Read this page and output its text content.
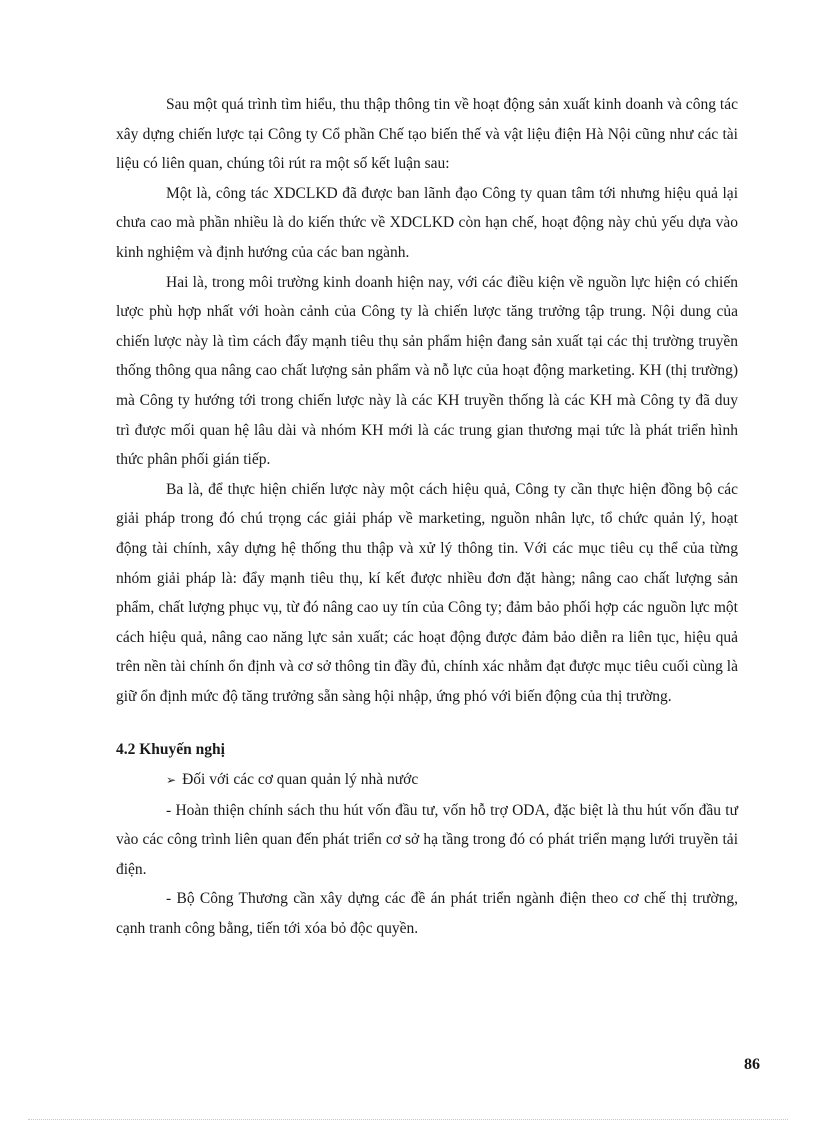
Sau một quá trình tìm hiểu, thu thập thông tin về hoạt động sản xuất kinh doanh và công tác xây dựng chiến lược tại Công ty Cổ phần Chế tạo biến thế và vật liệu điện Hà Nội cũng như các tài liệu có liên quan, chúng tôi rút ra một số kết luận sau:

Một là, công tác XDCLKD đã được ban lãnh đạo Công ty quan tâm tới nhưng hiệu quả lại chưa cao mà phần nhiều là do kiến thức về XDCLKD còn hạn chế, hoạt động này chủ yếu dựa vào kinh nghiệm và định hướng của các ban ngành.

Hai là, trong môi trường kinh doanh hiện nay, với các điều kiện về nguồn lực hiện có chiến lược phù hợp nhất với hoàn cảnh của Công ty là chiến lược tăng trưởng tập trung. Nội dung của chiến lược này là tìm cách đẩy mạnh tiêu thụ sản phẩm hiện đang sản xuất tại các thị trường truyền thống thông qua nâng cao chất lượng sản phẩm và nỗ lực của hoạt động marketing. KH (thị trường) mà Công ty hướng tới trong chiến lược này là các KH truyền thống là các KH mà Công ty đã duy trì được mối quan hệ lâu dài và nhóm KH mới là các trung gian thương mại tức là phát triển hình thức phân phối gián tiếp.

Ba là, để thực hiện chiến lược này một cách hiệu quả, Công ty cần thực hiện đồng bộ các giải pháp trong đó chú trọng các giải pháp về marketing, nguồn nhân lực, tổ chức quản lý, hoạt động tài chính, xây dựng hệ thống thu thập và xử lý thông tin. Với các mục tiêu cụ thể của từng nhóm giải pháp là: đẩy mạnh tiêu thụ, kí kết được nhiều đơn đặt hàng; nâng cao chất lượng sản phẩm, chất lượng phục vụ, từ đó nâng cao uy tín của Công ty; đảm bảo phối hợp các nguồn lực một cách hiệu quả, nâng cao năng lực sản xuất; các hoạt động được đảm bảo diễn ra liên tục, hiệu quả trên nền tài chính ổn định và cơ sở thông tin đầy đủ, chính xác nhằm đạt được mục tiêu cuối cùng là giữ ổn định mức độ tăng trưởng sẵn sàng hội nhập, ứng phó với biến động của thị trường.

4.2 Khuyến nghị

➢ Đối với các cơ quan quản lý nhà nước

- Hoàn thiện chính sách thu hút vốn đầu tư, vốn hỗ trợ ODA, đặc biệt là thu hút vốn đầu tư vào các công trình liên quan đến phát triển cơ sở hạ tầng trong đó có phát triển mạng lưới truyền tải điện.

- Bộ Công Thương cần xây dựng các đề án phát triển ngành điện theo cơ chế thị trường, cạnh tranh công bằng, tiến tới xóa bỏ độc quyền.

86
